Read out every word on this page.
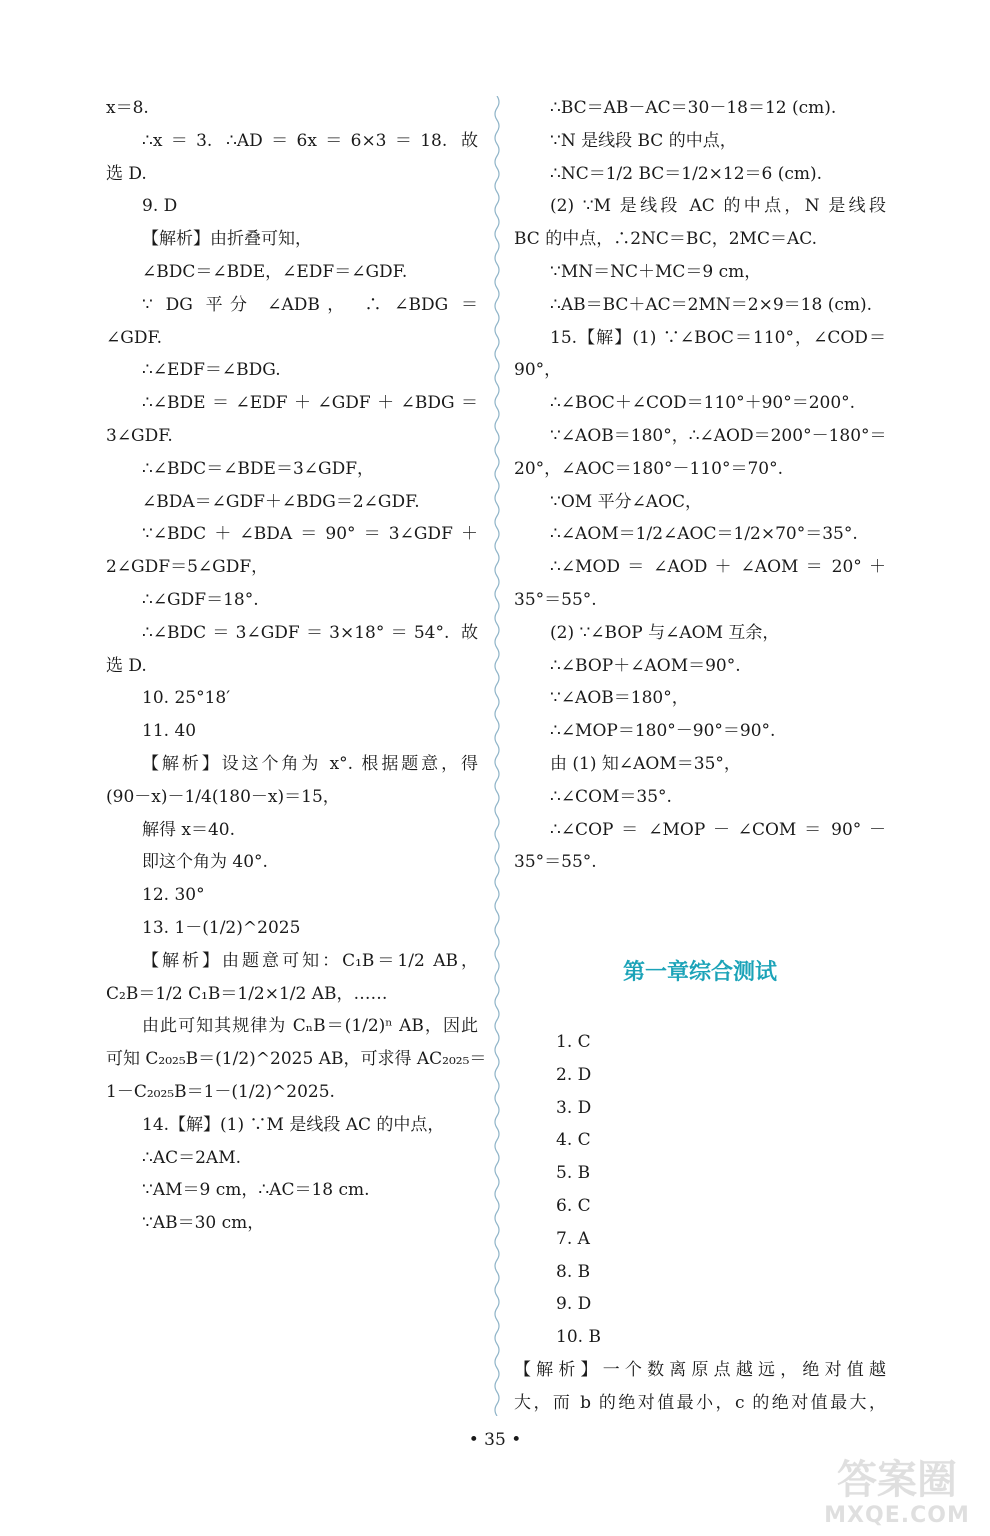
x＝8.
∴x＝3. ∴AD＝6x＝6×3＝18. 故
选 D.
9. D
【解析】由折叠可知，
∠BDC＝∠BDE，∠EDF＝∠GDF.
∵ DG 平分 ∠ADB， ∴ ∠BDG ＝
∠GDF.
∴∠EDF＝∠BDG.
∴∠BDE＝∠EDF＋∠GDF＋∠BDG＝
3∠GDF.
∴∠BDC＝∠BDE＝3∠GDF，
∠BDA＝∠GDF＋∠BDG＝2∠GDF.
∵∠BDC＋∠BDA＝90°＝3∠GDF＋
2∠GDF＝5∠GDF，
∴∠GDF＝18°.
∴∠BDC＝3∠GDF＝3×18°＝54°. 故
选 D.
10. 25°18′
11. 40
【解析】设这个角为 x°. 根据题意，得
(90－x)－1/4(180－x)＝15，
解得 x＝40.
即这个角为 40°.
12. 30°
13. 1－(1/2)^2025
【解析】由题意可知：C₁B＝1/2 AB，
C₂B＝1/2 C₁B＝1/2×1/2 AB，……
由此可知其规律为 CₙB＝(1/2)ⁿ AB，因此
可知 C₂₀₂₅B＝(1/2)^2025 AB，可求得 AC₂₀₂₅＝
1－C₂₀₂₅B＝1－(1/2)^2025.
14.【解】(1) ∵M 是线段 AC 的中点，
∴AC＝2AM.
∵AM＝9 cm，∴AC＝18 cm.
∵AB＝30 cm，
∴BC＝AB－AC＝30－18＝12 (cm).
∵N 是线段 BC 的中点，
∴NC＝1/2 BC＝1/2×12＝6 (cm).
(2) ∵M 是线段 AC 的中点，N 是线段
BC 的中点，∴2NC＝BC，2MC＝AC.
∵MN＝NC＋MC＝9 cm，
∴AB＝BC＋AC＝2MN＝2×9＝18 (cm).
15.【解】(1) ∵∠BOC＝110°，∠COD＝
90°，
∴∠BOC＋∠COD＝110°＋90°＝200°.
∵∠AOB＝180°，∴∠AOD＝200°－180°＝
20°，∠AOC＝180°－110°＝70°.
∵OM 平分∠AOC，
∴∠AOM＝1/2∠AOC＝1/2×70°＝35°.
∴∠MOD ＝ ∠AOD ＋ ∠AOM ＝ 20° ＋
35°＝55°.
(2) ∵∠BOP 与∠AOM 互余，
∴∠BOP＋∠AOM＝90°.
∵∠AOB＝180°，
∴∠MOP＝180°－90°＝90°.
由 (1) 知∠AOM＝35°，
∴∠COM＝35°.
∴∠COP ＝ ∠MOP － ∠COM ＝ 90° －
35°＝55°.
第一章综合测试
1. C
2. D
3. D
4. C
5. B
6. C
7. A
8. B
9. D
10. B
【解析】一个数离原点越远，绝对值越
大，而 b 的绝对值最小，c 的绝对值最大，
• 35 •
答案圈
MXQE.COM
